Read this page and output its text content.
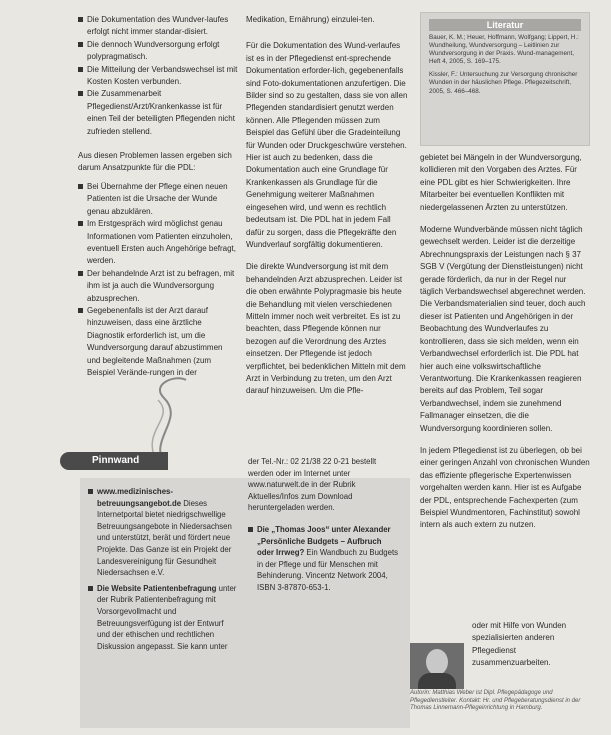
Die Dokumentation des Wundver-laufes erfolgt nicht immer standar-disiert.
Die dennoch Wundversorgung erfolgt polypragmatisch.
Die Mitteilung der Verbandswechsel ist mit Kosten Kosten verbunden.
Die Zusammenarbeit Pflegedienst/Arzt/Krankenkasse ist für einen Teil der beteiligten Pflegenden nicht zufrieden stellend.

Aus diesen Problemen lassen ergeben sich darum Ansatzpunkte für die PDL:

Bei Übernahme der Pflege einen neuen Patienten ist die Ursache der Wunde genau abzuklären.
Im Erstgespräch wird möglichst genau Informationen vom Patienten einzuholen, eventuell Ersten auch Angehörige befragt, werden.
Der behandelnde Arzt ist zu befragen, mit ihm ist ja auch die Wundversorgung abzusprechen.
Gegebenenfalls ist der Arzt darauf hinzuweisen, dass eine ärztliche Diagnostik erforderlich ist, um die Wundversorgung darauf abzustimmen und begleitende Maßnahmen (zum Beispiel Verände-rungen in der

Medikation, Ernährung) einzulei-ten.

Für die Dokumentation des Wund-verlaufes ist es in der Pflegedienst ent-sprechende Dokumentation erforder-lich, gegebenenfalls sind Foto-dokumentationen anzufertigen. Die Bilder sind so zu gestalten, dass sie von allen Pflegenden standardisiert genutzt werden können. Alle Pflegenden müssen zum Beispiel das Gefühl über die Gradeinteilung für Wunden oder Druckgeschwüre verstehen. Hier ist auch zu bedenken, dass die Dokumentation auch eine Grundlage für Krankenkassen als Grundlage für die Genehmigung weiterer Maßnahmen eingesehen wird, und wenn es rechtlich bedeutsam ist. Die PDL hat in jedem Fall dafür zu sorgen, dass die Pflegekräfte den Wundverlauf sorgfältig dokumentieren.

Die direkte Wundversorgung ist mit dem behandelnden Arzt abzusprechen. Leider ist die oben erwähnte Polypragmasie bis heute die Behandlung mit vielen verschiedenen Mitteln immer noch weit verbreitet. Es ist zu beachten, dass Pflegende können nur bezogen auf die Verordnung des Arztes einsetzen. Der Pflegende ist jedoch verpflichtet, bei bedenklichen Mitteln mit dem Arzt in Verbindung zu treten, um den Arzt darauf hinzuweisen. Um die Pfle-

Literatur
Bauer, K. M.; Heuer, Hoffmann, Wolfgang; Lippert, H.: Wundheilung, Wundversorgung – Leitlinien zur Wundversorgung in der Praxis. Wund-management, Heft 4, 2005, S. 169–175.
Kissler, F.: Untersuchung zur Versorgung chronischer Wunden in der häuslichen Pflege. Pflegezeitschrift, 2005, S. 466–468.

gebietet bei Mängeln in der Wundversorgung, kollidieren mit den Vorgaben des Arztes. Für eine PDL gibt es hier Schwierigkeiten. Ihre Mitarbeiter bei eventuellen Konflikten mit niedergelassenen Ärzten zu unterstützen.

Moderne Wundverbände müssen nicht täglich gewechselt werden. Leider ist die derzeitige Abrechnungspraxis der Leistungen nach § 37 SGB V (Vergütung der Dienstleistungen) nicht gerade förderlich, da nur in der Regel nur täglich Verbandswechsel abgerechnet werden. Die Verbandsmaterialien sind teuer, doch auch dieser ist Patienten und Angehörigen in der Beobachtung des Wundverlaufes zu kontrollieren, dass sie sich melden, wenn ein Verbandwechsel erforderlich ist. Die PDL hat hier auch eine volkswirtschaftliche Verantwortung. Die Krankenkassen reagieren bereits auf das Problem, Teil sogar Verbandwechsel, indem sie zunehmend Fallmanager einsetzen, die die Wundversorgung koordinieren sollen.

In jedem Pflegedienst ist zu überlegen, ob bei einer geringen Anzahl von chronischen Wunden das effiziente pflegerische Expertenwissen vorgehalten werden kann. Hier ist es Aufgabe der PDL, entsprechende Fachexperten (zum Beispiel Wundmentoren, Fachinstitut) sowohl intern als auch extern zu nutzen.

Pinnwand
www.medizinisches-betreuungsangebot.de Dieses Internetportal bietet niedrigschwellige Betreuungsangebote in Niedersachsen und unterstützt, berät und fördert neue Projekte. Das Ganze ist ein Projekt der Landesvereinigung für Gesundheit Niedersachsen e.V.
Die Website Patientenbefragung unter der Rubrik Patientenbefragung mit Vorsorgevollmacht und Betreuungsverfügung ist der Entwurf und der ethischen und rechtlichen Diskussion angepasst. Sie kann unter
der Tel.-Nr.: 02 21/38 22 0-21 bestellt werden oder im Internet unter www.naturwelt.de in der Rubrik Aktuelles/Infos zum Download heruntergeladen werden.
Die „Thomas Joos“ unter Alexander „Persönliche Budgets – Aufbruch oder Irrweg? Ein Wandbuch zu Budgets in der Pflege und für Menschen mit Behinderung. Vincentz Network 2004, ISBN 3-87870-653-1.
oder mit Hilfe von Wunden spezialisierten anderen Pflegedienst zusammenzuarbeiten.
Autorin: Matthias Weber ist Dipl. Pflegepädagoge und Pflegedienstleiter. Kontakt: Hr. und Pflegeberatungsdienst in der Thomas Linnemann-Pflegeinrichtung in Hamburg.
